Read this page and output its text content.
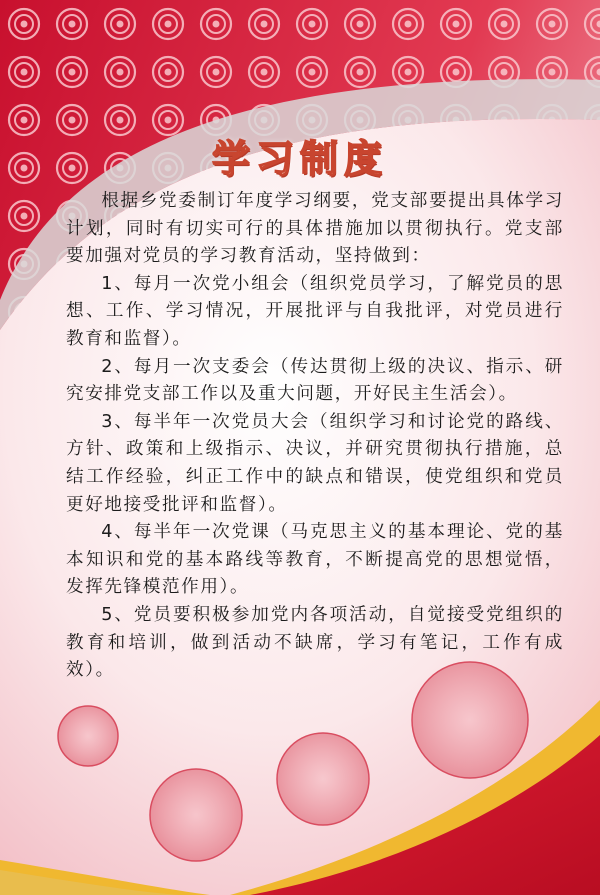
学习制度

根据乡党委制订年度学习纲要，党支部要提出具体学习计划，同时有切实可行的具体措施加以贯彻执行。党支部要加强对党员的学习教育活动，坚持做到：

1、每月一次党小组会（组织党员学习，了解党员的思想、工作、学习情况，开展批评与自我批评，对党员进行教育和监督）。

2、每月一次支委会（传达贯彻上级的决议、指示、研究安排党支部工作以及重大问题，开好民主生活会）。

3、每半年一次党员大会（组织学习和讨论党的路线、方针、政策和上级指示、决议，并研究贯彻执行措施，总结工作经验，纠正工作中的缺点和错误，使党组织和党员更好地接受批评和监督）。

4、每半年一次党课（马克思主义的基本理论、党的基本知识和党的基本路线等教育，不断提高党的思想觉悟，发挥先锋模范作用）。

5、党员要积极参加党内各项活动，自觉接受党组织的教育和培训，做到活动不缺席，学习有笔记，工作有成效）。
